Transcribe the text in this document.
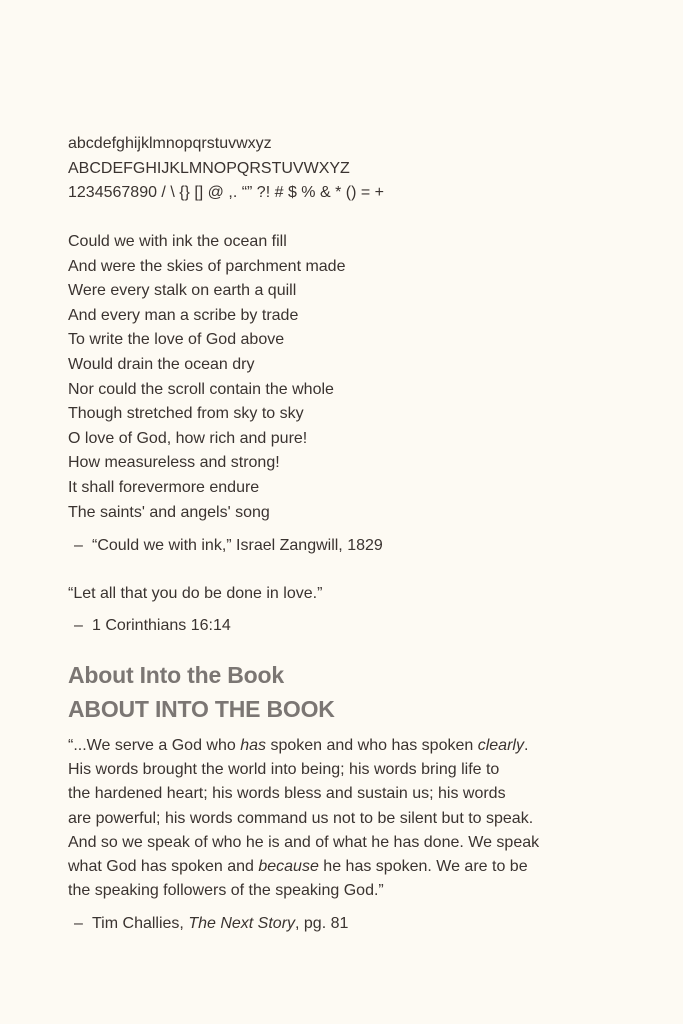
abcdefghijklmnopqrstuvwxyz
ABCDEFGHIJKLMNOPQRSTUVWXYZ
1234567890 / \ {} [] @ ,. “” ?! # $ % & * () = +
Could we with ink the ocean fill
And were the skies of parchment made
Were every stalk on earth a quill
And every man a scribe by trade
To write the love of God above
Would drain the ocean dry
Nor could the scroll contain the whole
Though stretched from sky to sky
O love of God, how rich and pure!
How measureless and strong!
It shall forevermore endure
The saints' and angels' song
– “Could we with ink,” Israel Zangwill, 1829
“Let all that you do be done in love.”
– 1 Corinthians 16:14
About Into the Book
ABOUT INTO THE BOOK
“...We serve a God who has spoken and who has spoken clearly.
His words brought the world into being; his words bring life to
the hardened heart; his words bless and sustain us; his words
are powerful; his words command us not to be silent but to speak.
And so we speak of who he is and of what he has done. We speak
what God has spoken and because he has spoken. We are to be
the speaking followers of the speaking God.”
– Tim Challies, The Next Story, pg. 81
